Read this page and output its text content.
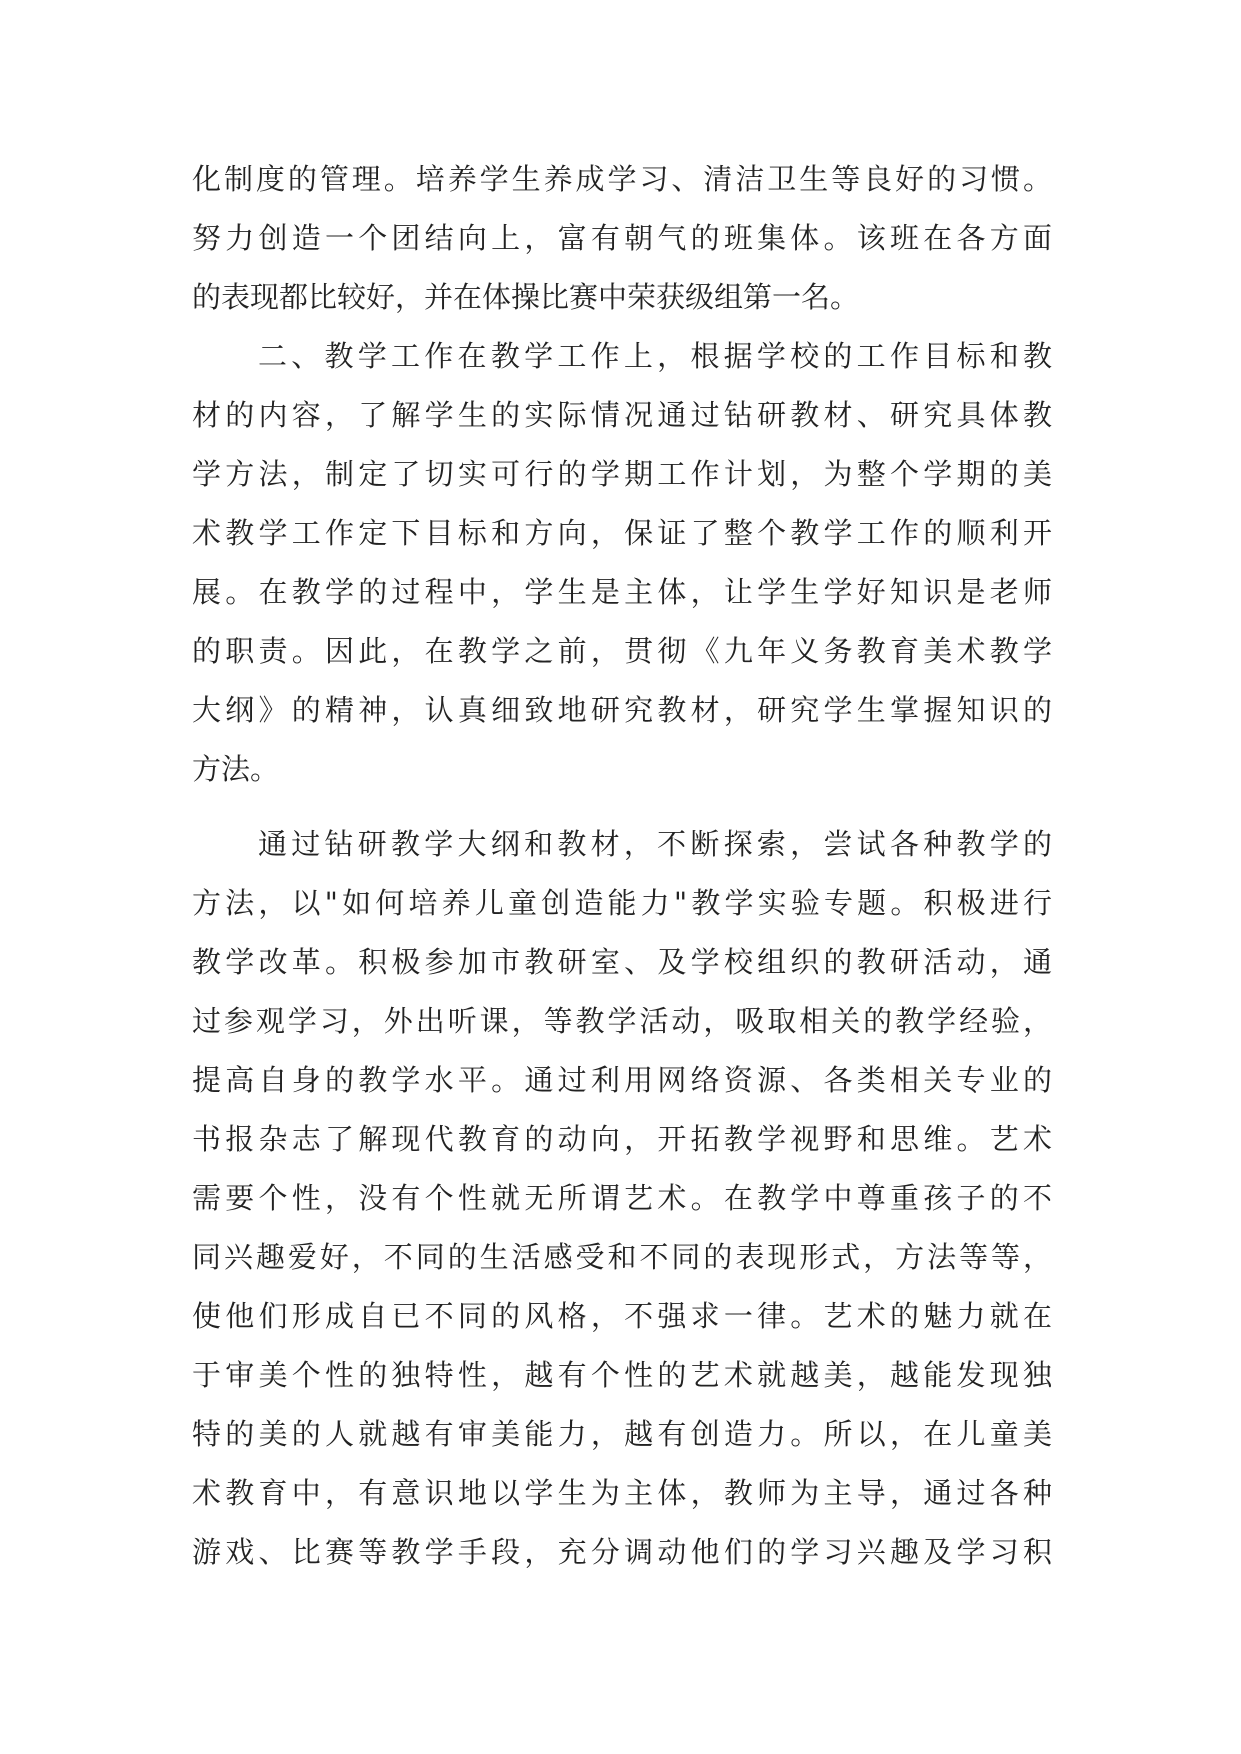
化制度的管理。培养学生养成学习、清洁卫生等良好的习惯。
努力创造一个团结向上，富有朝气的班集体。该班在各方面
的表现都比较好，并在体操比赛中荣获级组第一名。
二、教学工作在教学工作上，根据学校的工作目标和教
材的内容，了解学生的实际情况通过钻研教材、研究具体教
学方法，制定了切实可行的学期工作计划，为整个学期的美
术教学工作定下目标和方向，保证了整个教学工作的顺利开
展。在教学的过程中，学生是主体，让学生学好知识是老师
的职责。因此，在教学之前，贯彻《九年义务教育美术教学
大纲》的精神，认真细致地研究教材，研究学生掌握知识的
方法。
通过钻研教学大纲和教材，不断探索，尝试各种教学的
方法，以"如何培养儿童创造能力"教学实验专题。积极进行
教学改革。积极参加市教研室、及学校组织的教研活动，通
过参观学习，外出听课，等教学活动，吸取相关的教学经验，
提高自身的教学水平。通过利用网络资源、各类相关专业的
书报杂志了解现代教育的动向，开拓教学视野和思维。艺术
需要个性，没有个性就无所谓艺术。在教学中尊重孩子的不
同兴趣爱好，不同的生活感受和不同的表现形式，方法等等，
使他们形成自已不同的风格，不强求一律。艺术的魅力就在
于审美个性的独特性，越有个性的艺术就越美，越能发现独
特的美的人就越有审美能力，越有创造力。所以，在儿童美
术教育中，有意识地以学生为主体，教师为主导，通过各种
游戏、比赛等教学手段，充分调动他们的学习兴趣及学习积
